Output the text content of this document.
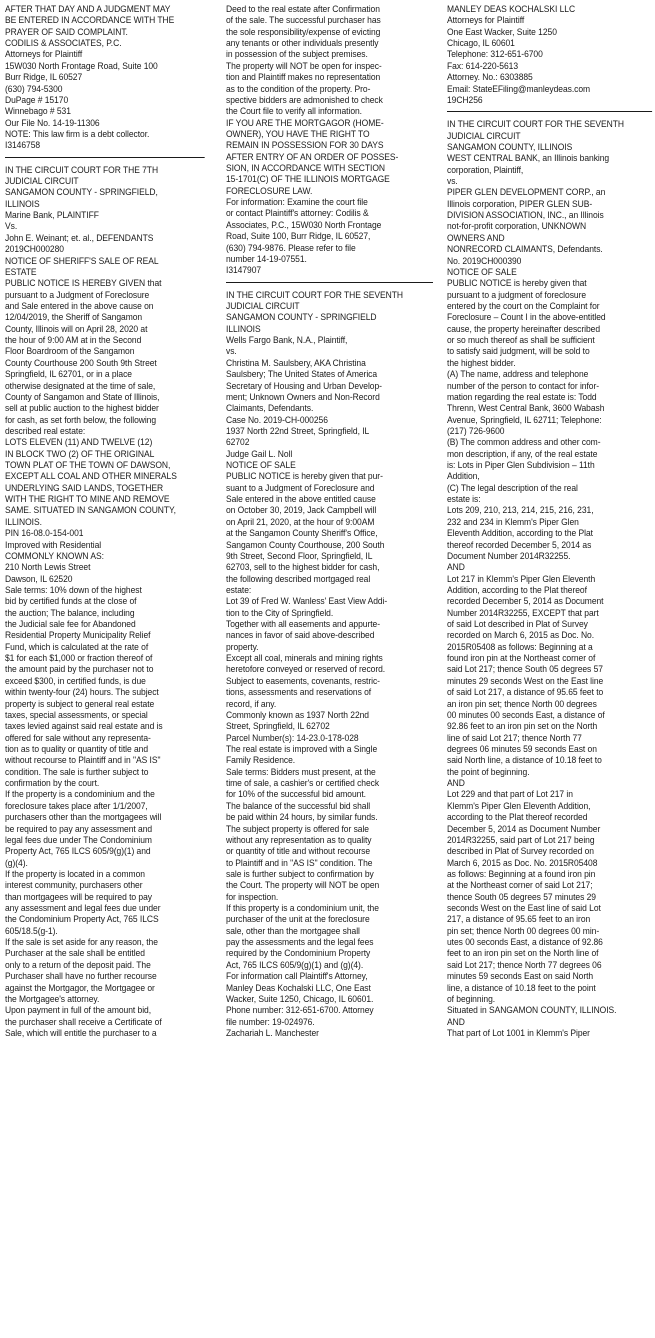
AFTER THAT DAY AND A JUDGMENT MAY
BE ENTERED IN ACCORDANCE WITH THE
PRAYER OF SAID COMPLAINT.
CODILIS & ASSOCIATES, P.C.
Attorneys for Plaintiff
15W030 North Frontage Road, Suite 100
Burr Ridge, IL 60527
(630) 794-5300
DuPage # 15170
Winnebago # 531
Our File No. 14-19-11306
NOTE: This law firm is a debt collector.
I3146758
IN THE CIRCUIT COURT FOR THE 7TH
JUDICIAL CIRCUIT
SANGAMON COUNTY - SPRINGFIELD,
ILLINOIS
Marine Bank, PLAINTIFF
Vs.
John E. Weinant; et. al., DEFENDANTS
2019CH000280
NOTICE OF SHERIFF'S SALE OF REAL
ESTATE
PUBLIC NOTICE IS HEREBY GIVEN that
pursuant to a Judgment of Foreclosure
and Sale entered in the above cause on
12/04/2019, the Sheriff of Sangamon
County, Illinois will on April 28, 2020 at
the hour of 9:00 AM at in the Second
Floor Boardroom of the Sangamon
County Courthouse 200 South 9th Street
Springfield, IL 62701, or in a place
otherwise designated at the time of sale,
County of Sangamon and State of Illinois,
sell at public auction to the highest bidder
for cash, as set forth below, the following
described real estate:
LOTS ELEVEN (11) AND TWELVE (12)
IN BLOCK TWO (2) OF THE ORIGINAL
TOWN PLAT OF THE TOWN OF DAWSON,
EXCEPT ALL COAL AND OTHER MINERALS
UNDERLYING SAID LANDS, TOGETHER
WITH THE RIGHT TO MINE AND REMOVE
SAME. SITUATED IN SANGAMON COUNTY,
ILLINOIS.
PIN 16-08.0-154-001
Improved with Residential
COMMONLY KNOWN AS:
210 North Lewis Street
Dawson, IL 62520
Sale terms: 10% down of the highest
bid by certified funds at the close of
the auction; The balance, including
the Judicial sale fee for Abandoned
Residential Property Municipality Relief
Fund, which is calculated at the rate of
$1 for each $1,000 or fraction thereof of
the amount paid by the purchaser not to
exceed $300, in certified funds, is due
within twenty-four (24) hours. The subject
property is subject to general real estate
taxes, special assessments, or special
taxes levied against said real estate and is
offered for sale without any representa-
tion as to quality or quantity of title and
without recourse to Plaintiff and in "AS IS"
condition. The sale is further subject to
confirmation by the court.
If the property is a condominium and the
foreclosure takes place after 1/1/2007,
purchasers other than the mortgagees will
be required to pay any assessment and
legal fees due under The Condominium
Property Act, 765 ILCS 605/9(g)(1) and
(g)(4).
If the property is located in a common
interest community, purchasers other
than mortgagees will be required to pay
any assessment and legal fees due under
the Condominium Property Act, 765 ILCS
605/18.5(g-1).
If the sale is set aside for any reason, the
Purchaser at the sale shall be entitled
only to a return of the deposit paid. The
Purchaser shall have no further recourse
against the Mortgagor, the Mortgagee or
the Mortgagee's attorney.
Upon payment in full of the amount bid,
the purchaser shall receive a Certificate of
Sale, which will entitle the purchaser to a
Deed to the real estate after Confirmation
of the sale. The successful purchaser has
the sole responsibility/expense of evicting
any tenants or other individuals presently
in possession of the subject premises.
The property will NOT be open for inspec-
tion and Plaintiff makes no representation
as to the condition of the property. Pro-
spective bidders are admonished to check
the Court file to verify all information.
IF YOU ARE THE MORTGAGOR (HOME-
OWNER), YOU HAVE THE RIGHT TO
REMAIN IN POSSESSION FOR 30 DAYS
AFTER ENTRY OF AN ORDER OF POSSES-
SION, IN ACCORDANCE WITH SECTION
15-1701(C) OF THE ILLINOIS MORTGAGE
FORECLOSURE LAW.
For information: Examine the court file
or contact Plaintiff's attorney: Codilis &
Associates, P.C., 15W030 North Frontage
Road, Suite 100, Burr Ridge, IL 60527,
(630) 794-9876. Please refer to file
number 14-19-07551.
I3147907
IN THE CIRCUIT COURT FOR THE SEVENTH
JUDICIAL CIRCUIT
SANGAMON COUNTY - SPRINGFIELD
ILLINOIS
Wells Fargo Bank, N.A., Plaintiff,
vs.
Christina M. Saulsbery, AKA Christina
Saulsbery; The United States of America
Secretary of Housing and Urban Develop-
ment; Unknown Owners and Non-Record
Claimants, Defendants.
Case No. 2019-CH-000256
1937 North 22nd Street, Springfield, IL
62702
Judge Gail L. Noll
NOTICE OF SALE
PUBLIC NOTICE is hereby given that pur-
suant to a Judgment of Foreclosure and
Sale entered in the above entitled cause
on October 30, 2019, Jack Campbell will
on April 21, 2020, at the hour of 9:00AM
at the Sangamon County Sheriff's Office,
Sangamon County Courthouse, 200 South
9th Street, Second Floor, Springfield, IL
62703, sell to the highest bidder for cash,
the following described mortgaged real
estate:
Lot 39 of Fred W. Wanless' East View Addi-
tion to the City of Springfield.
Together with all easements and appurte-
nances in favor of said above-described
property.
Except all coal, minerals and mining rights
heretofore conveyed or reserved of record.
Subject to easements, covenants, restric-
tions, assessments and reservations of
record, if any.
Commonly known as 1937 North 22nd
Street, Springfield, IL 62702
Parcel Number(s): 14-23.0-178-028
The real estate is improved with a Single
Family Residence.
Sale terms: Bidders must present, at the
time of sale, a cashier's or certified check
for 10% of the successful bid amount.
The balance of the successful bid shall
be paid within 24 hours, by similar funds.
The subject property is offered for sale
without any representation as to quality
or quantity of title and without recourse
to Plaintiff and in "AS IS" condition. The
sale is further subject to confirmation by
the Court. The property will NOT be open
for inspection.
If this property is a condominium unit, the
purchaser of the unit at the foreclosure
sale, other than the mortgagee shall
pay the assessments and the legal fees
required by the Condominium Property
Act, 765 ILCS 605/9(g)(1) and (g)(4).
For information call Plaintiff's Attorney,
Manley Deas Kochalski LLC, One East
Wacker, Suite 1250, Chicago, IL 60601.
Phone number: 312-651-6700. Attorney
file number: 19-024976.
Zachariah L. Manchester
MANLEY DEAS KOCHALSKI LLC
Attorneys for Plaintiff
One East Wacker, Suite 1250
Chicago, IL 60601
Telephone: 312-651-6700
Fax: 614-220-5613
Attorney. No.: 6303885
Email: StateEFiling@manleydeas.com
19CH256
IN THE CIRCUIT COURT FOR THE SEVENTH
JUDICIAL CIRCUIT
SANGAMON COUNTY, ILLINOIS
WEST CENTRAL BANK, an Illinois banking
corporation, Plaintiff,
vs.
PIPER GLEN DEVELOPMENT CORP., an
Illinois corporation, PIPER GLEN SUB-
DIVISION ASSOCIATION, INC., an Illinois
not-for-profit corporation, UNKNOWN
OWNERS AND
NONRECORD CLAIMANTS, Defendants.
No. 2019CH000390
NOTICE OF SALE
PUBLIC NOTICE is hereby given that
pursuant to a judgment of foreclosure
entered by the court on the Complaint for
Foreclosure – Count I in the above-entitled
cause, the property hereinafter described
or so much thereof as shall be sufficient
to satisfy said judgment, will be sold to
the highest bidder.
(A) The name, address and telephone
number of the person to contact for infor-
mation regarding the real estate is: Todd
Threnn, West Central Bank, 3600 Wabash
Avenue, Springfield, IL 62711; Telephone:
(217) 726-9600
(B) The common address and other com-
mon description, if any, of the real estate
is: Lots in Piper Glen Subdivision – 11th
Addition,
(C) The legal description of the real
estate is:
Lots 209, 210, 213, 214, 215, 216, 231,
232 and 234 in Klemm's Piper Glen
Eleventh Addition, according to the Plat
thereof recorded December 5, 2014 as
Document Number 2014R32255.
AND
Lot 217 in Klemm's Piper Glen Eleventh
Addition, according to the Plat thereof
recorded December 5, 2014 as Document
Number 2014R32255, EXCEPT that part
of said Lot described in Plat of Survey
recorded on March 6, 2015 as Doc. No.
2015R05408 as follows: Beginning at a
found iron pin at the Northeast corner of
said Lot 217; thence South 05 degrees 57
minutes 29 seconds West on the East line
of said Lot 217, a distance of 95.65 feet to
an iron pin set; thence North 00 degrees
00 minutes 00 seconds East, a distance of
92.86 feet to an iron pin set on the North
line of said Lot 217; thence North 77
degrees 06 minutes 59 seconds East on
said North line, a distance of 10.18 feet to
the point of beginning.
AND
Lot 229 and that part of Lot 217 in
Klemm's Piper Glen Eleventh Addition,
according to the Plat thereof recorded
December 5, 2014 as Document Number
2014R32255, said part of Lot 217 being
described in Plat of Survey recorded on
March 6, 2015 as Doc. No. 2015R05408
as follows: Beginning at a found iron pin
at the Northeast corner of said Lot 217;
thence South 05 degrees 57 minutes 29
seconds West on the East line of said Lot
217, a distance of 95.65 feet to an iron
pin set; thence North 00 degrees 00 min-
utes 00 seconds East, a distance of 92.86
feet to an iron pin set on the North line of
said Lot 217; thence North 77 degrees 06
minutes 59 seconds East on said North
line, a distance of 10.18 feet to the point
of beginning.
Situated in SANGAMON COUNTY, ILLINOIS.
AND
That part of Lot 1001 in Klemm's Piper
